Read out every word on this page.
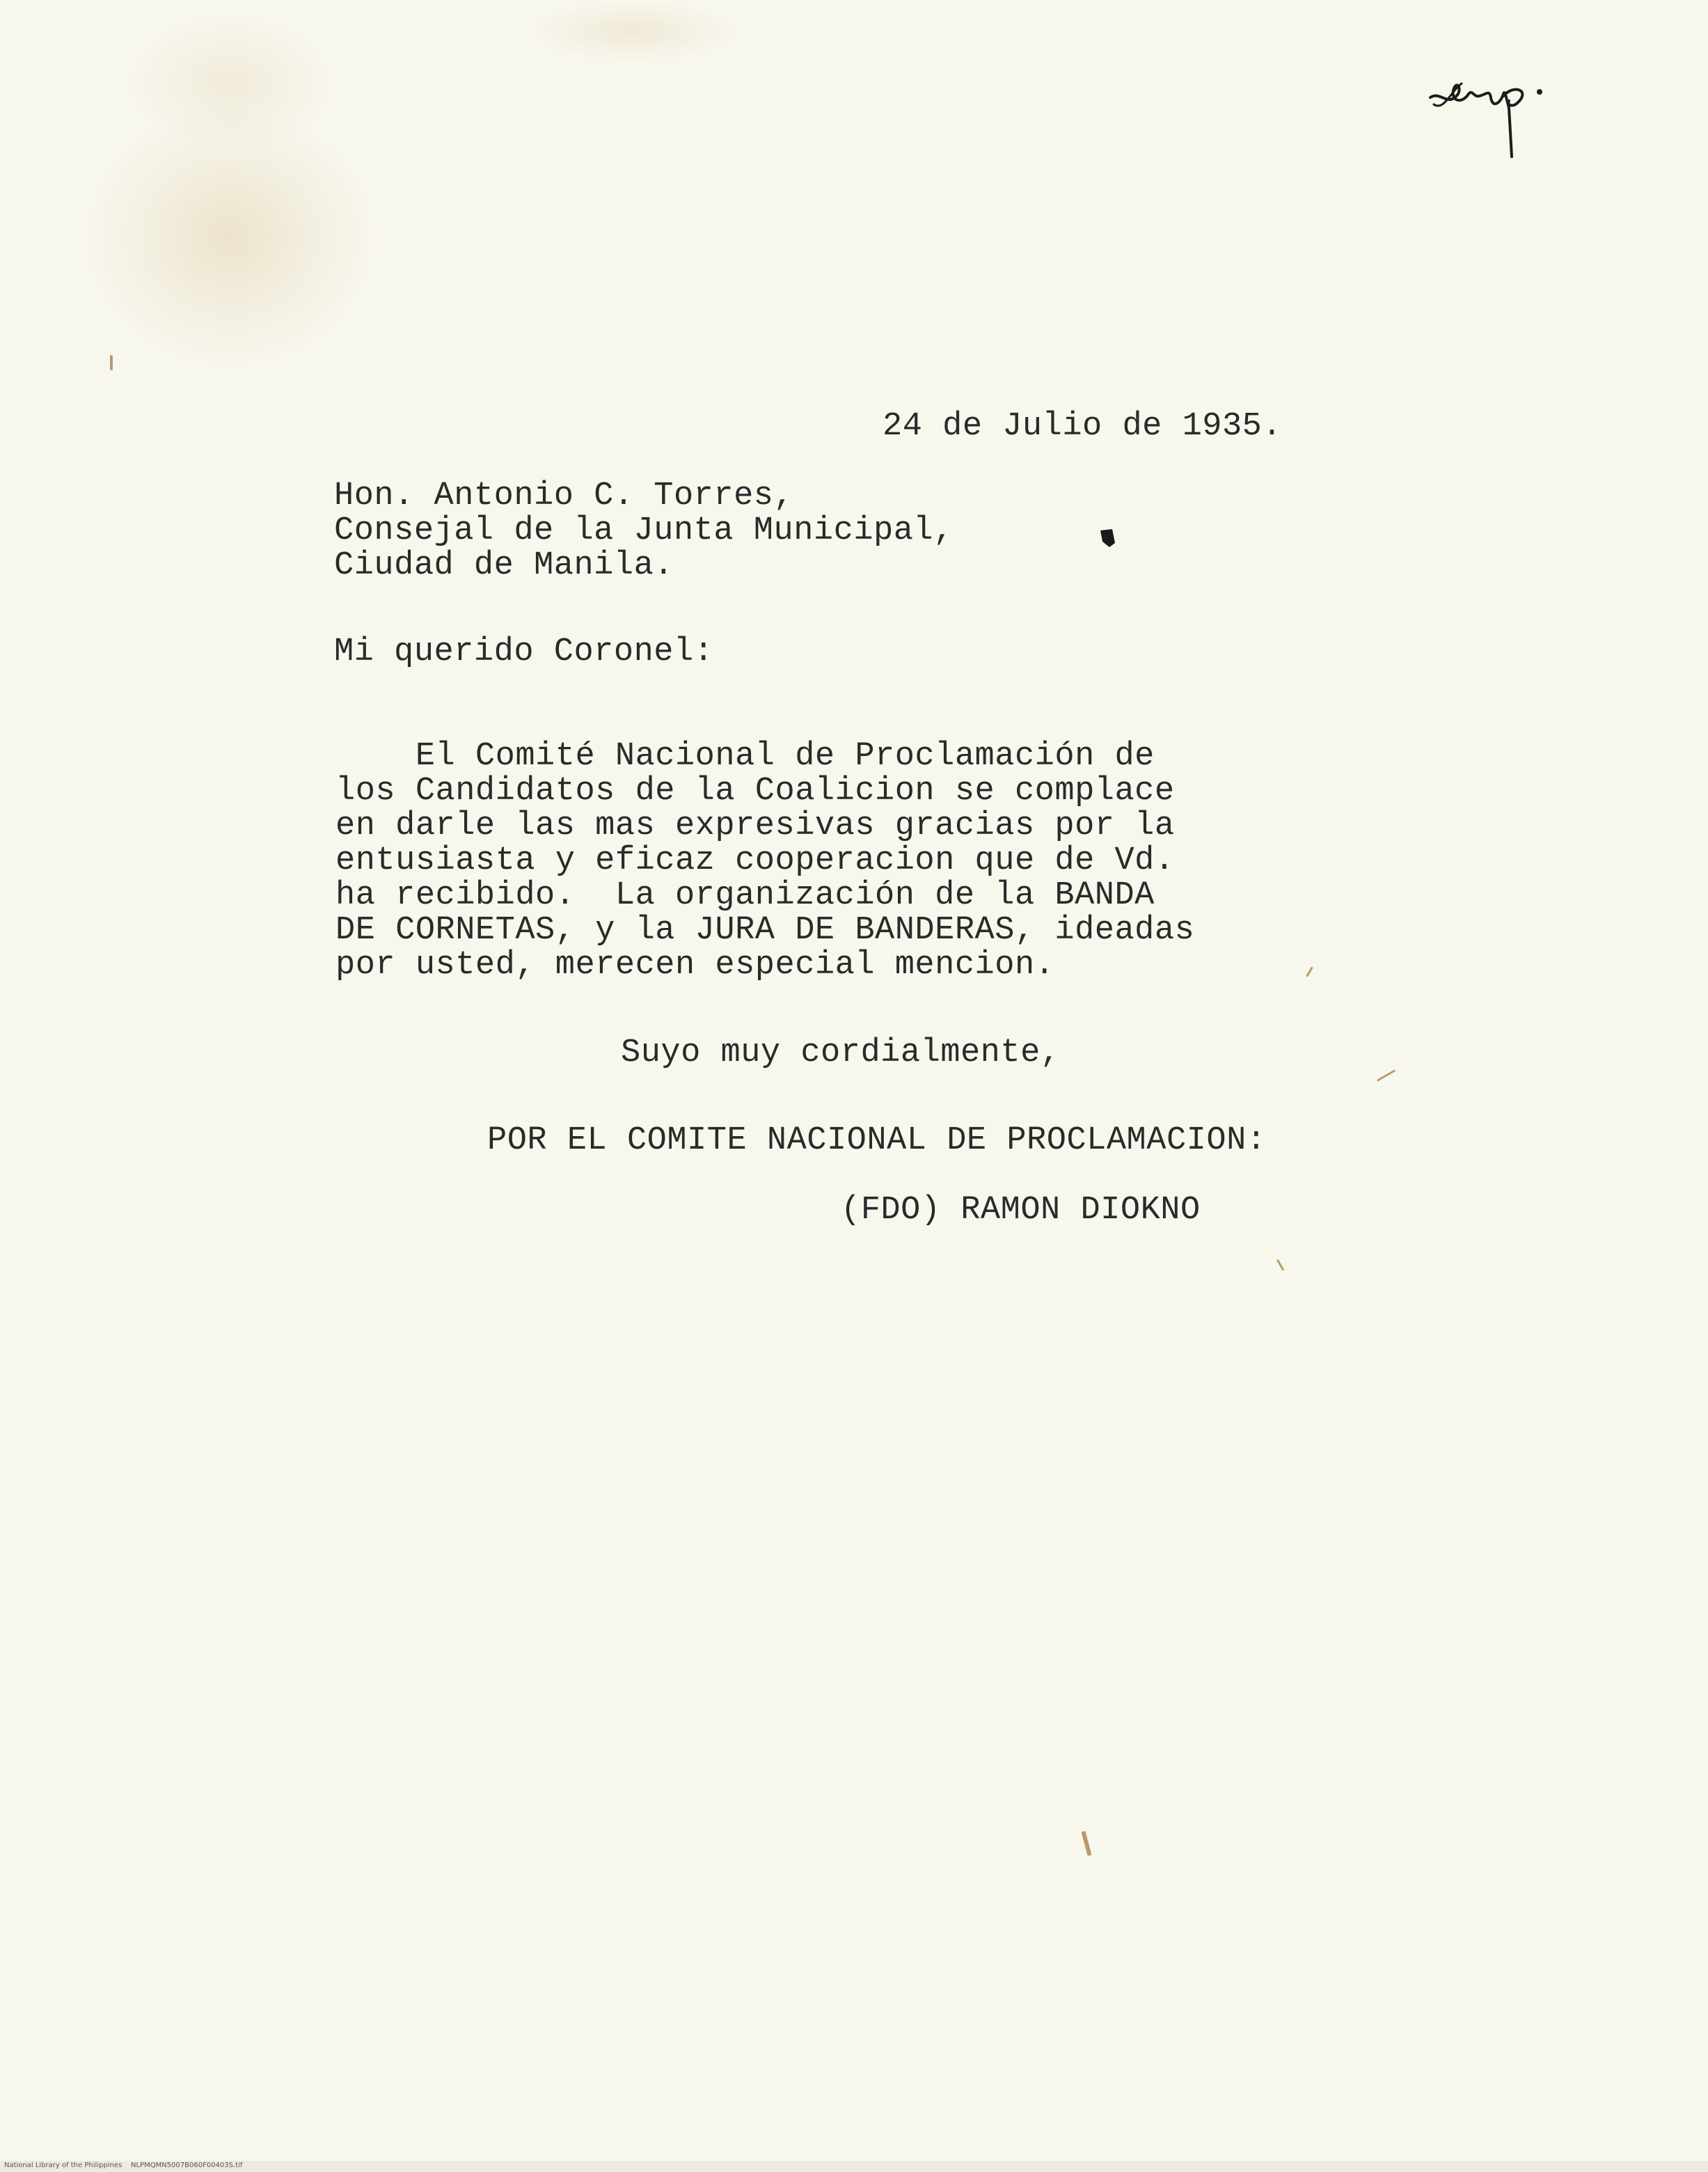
24 de Julio de 1935.

Hon. Antonio C. Torres,

Consejal de la Junta Municipal,

Ciudad de Manila.

Mi querido Coronel:

El Comité Nacional de Proclamación de
los Candidatos de la Coalicion se complace
en darle las mas expresivas gracias por la
entusiasta y eficaz cooperacion que de Vd.
ha recibido.  La organización de la BANDA
DE CORNETAS, y la JURA DE BANDERAS, ideadas
por usted, merecen especial mencion.

Suyo muy cordialmente,

POR EL COMITE NACIONAL DE PROCLAMACION:

(FDO) RAMON DIOKNO

National Library of the Philippines    NLPMQMN5007B060F00403S.tif
